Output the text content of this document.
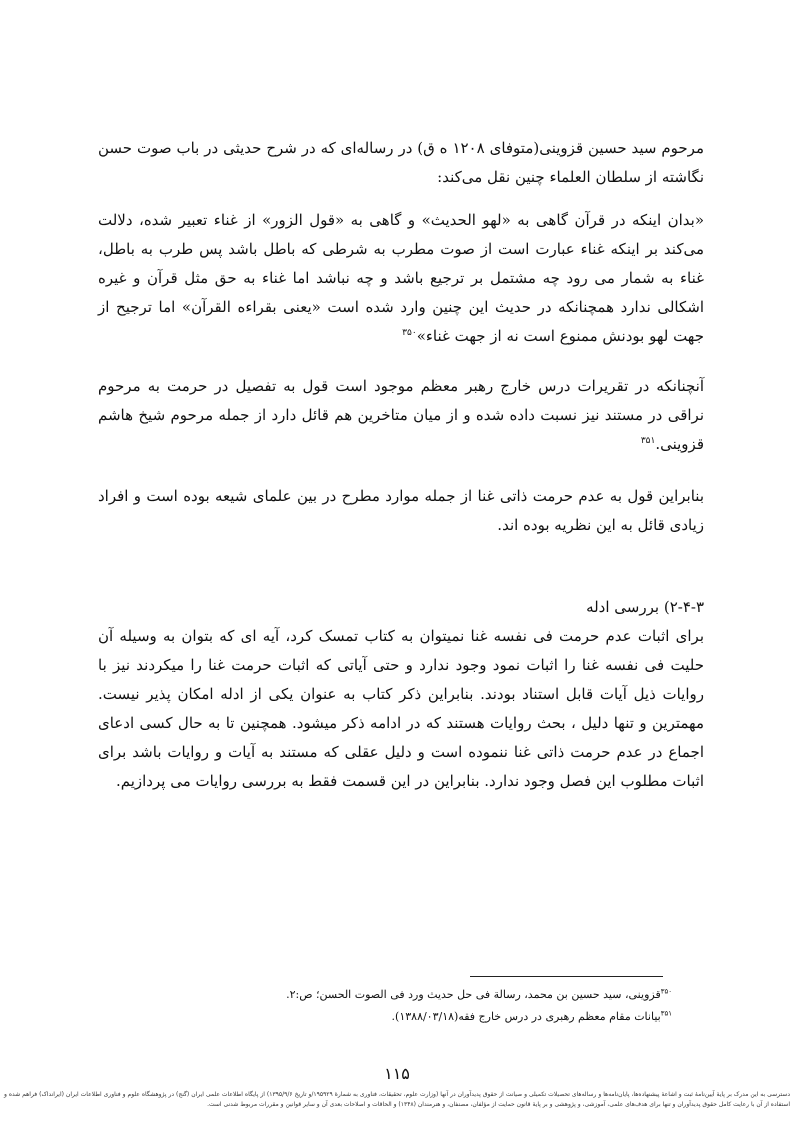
مرحوم سید حسین قزوینی(متوفای ۱۲۰۸ ه ق) در رساله‌ای که در شرح حدیثی در باب صوت حسن نگاشته از سلطان العلماء چنین نقل می‌کند:
«بدان اینکه در قرآن گاهی به «لهو الحدیث» و گاهی به «قول الزور» از غناء تعبیر شده، دلالت می‌کند بر اینکه غناء عبارت است از صوت مطرب به شرطی که باطل باشد پس طرب به باطل، غناء به شمار می رود چه مشتمل بر ترجیع باشد و چه نباشد اما غناء به حق مثل قرآن و غیره اشکالی ندارد همچنانکه در حدیث این چنین وارد شده است «یعنی بقراءه القرآن» اما ترجیح از جهت لهو بودنش ممنوع است نه از جهت غناء»$^{۳۵۰}$
آنچنانکه در تقریرات درس خارج رهبر معظم موجود است قول به تفصیل در حرمت به مرحوم نراقی در مستند نیز نسبت داده شده و از میان متاخرین هم قائل دارد از جمله مرحوم شیخ هاشم قزوینی.$^{۳۵۱}$
بنابراین قول به عدم حرمت ذاتی غنا از جمله موارد مطرح در بین علمای شیعه بوده است و افراد زیادی قائل به این نظریه بوده اند.
۲-۴-۳) بررسی ادله
برای اثبات عدم حرمت فی نفسه غنا نمیتوان به کتاب تمسک کرد، آیه ای که بتوان به وسیله آن حلیت فی نفسه غنا را اثبات نمود وجود ندارد و حتی آیاتی که اثبات حرمت غنا را میکردند نیز با روایات ذیل آیات قابل استناد بودند. بنابراین ذکر کتاب به عنوان یکی از ادله امکان پذیر نیست. مهمترین و تنها دلیل ، بحث روایات هستند که در ادامه ذکر میشود. همچنین تا به حال کسی ادعای اجماع در عدم حرمت ذاتی غنا ننموده است و دلیل عقلی که مستند به آیات و روایات باشد برای اثبات مطلوب این فصل وجود ندارد. بنابراین در این قسمت فقط به بررسی روایات می پردازیم.
$^{۳۵۰}$قزوینی، سید حسین بن محمد، رسالة فی حل حدیث ورد فی الصوت الحسن؛ ص:۲.
$^{۳۵۱}$بیانات مقام معظم رهبری در درس خارج فقه(۱۳۸۸/۰۳/۱۸).
۱۱۵
دسترسی به این مدرک بر پایهٔ آیین‌نامهٔ ثبت و اشاعهٔ پیشنهاده‌ها، پایان‌نامه‌ها و رساله‌های تحصیلات تکمیلی و صیانت از حقوق پدیدآوران در آنها (وزارت علوم، تحقیقات، فناوری به شمارهٔ ۱۹۵۹۲۹/و تاریخ ۱۳۹۵/۹/۶) از پایگاه اطلاعات علمی ایران (گنج) در پژوهشگاه علوم و فناوری اطلاعات ایران (ایرانداک) فراهم شده و استفاده از آن با رعایت کامل حقوق پدیدآوران و تنها برای هدف‌های علمی، آموزشی، و پژوهشی و بر پایهٔ قانون حمایت از مؤلفان، مصنفان، و هنرمندان (۱۳۴۸) و الحاقات و اصلاحات بعدی آن و سایر قوانین و مقررات مربوط شدنی است.
